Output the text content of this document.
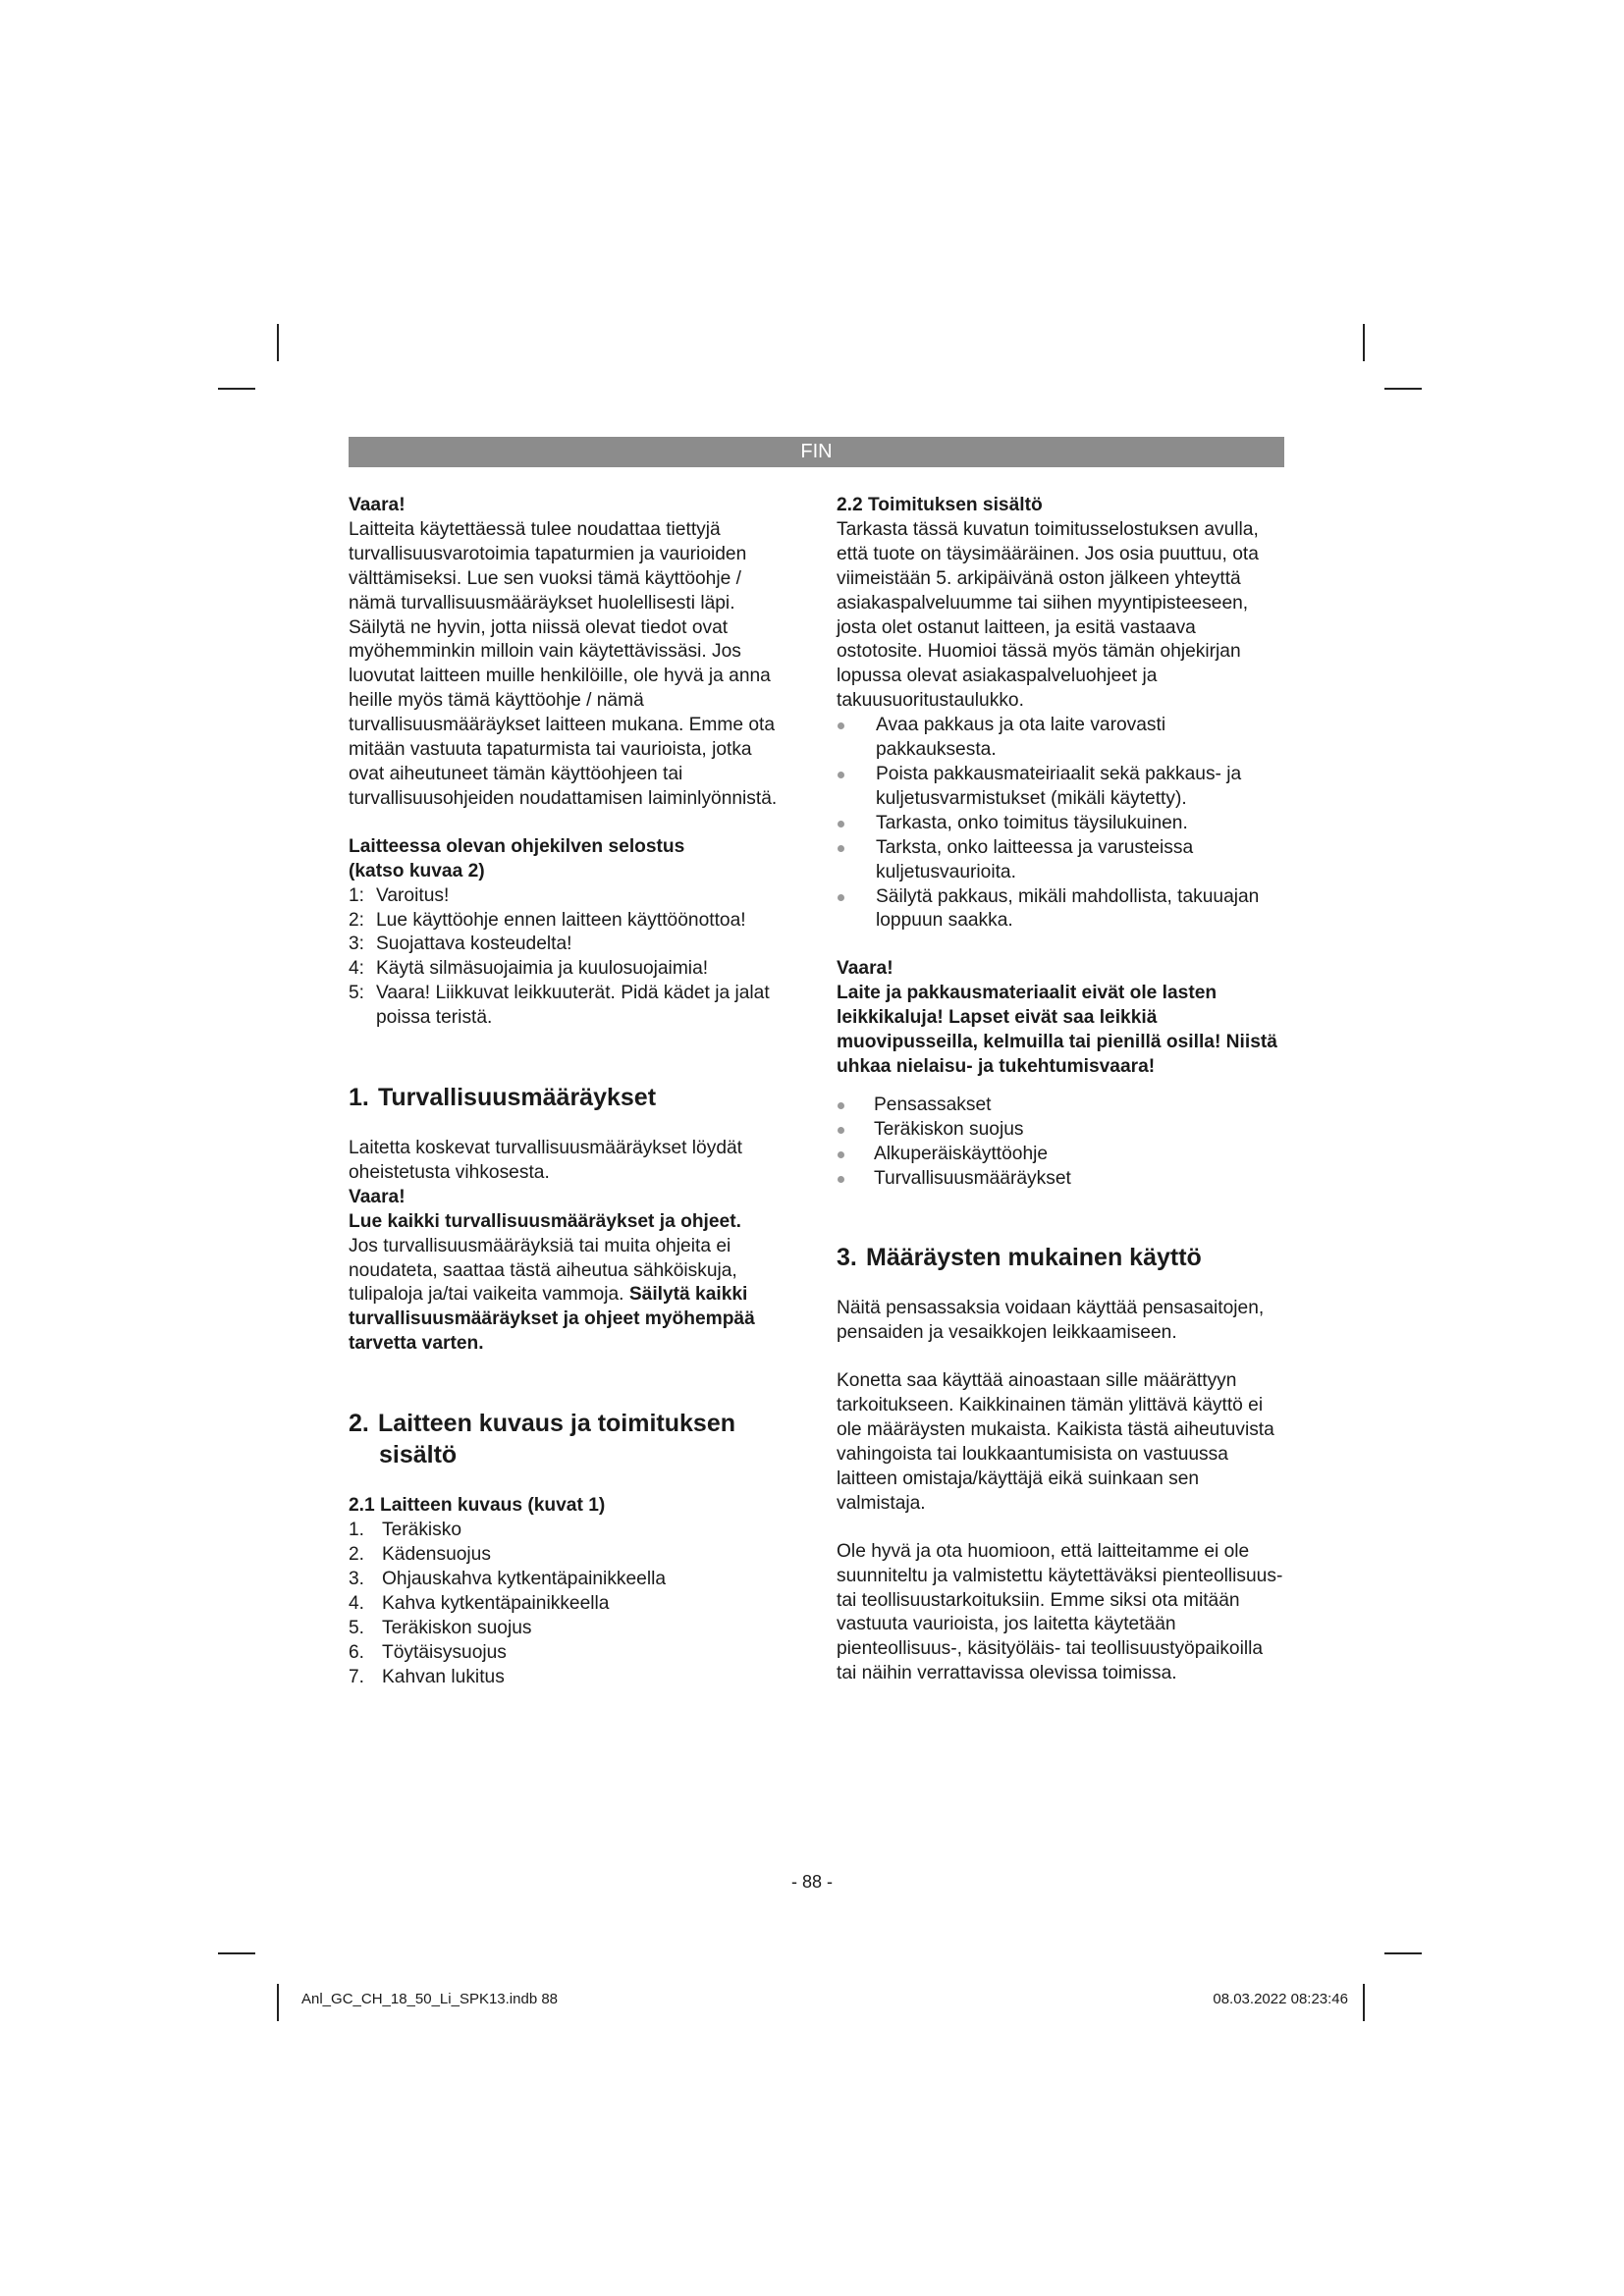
FIN

Vaara!

Laitteita käytettäessä tulee noudattaa tiettyjä turvallisuusvarotoimia tapaturmien ja vaurioiden välttämiseksi. Lue sen vuoksi tämä käyttöohje / nämä turvallisuusmääräykset huolellisesti läpi. Säilytä ne hyvin, jotta niissä olevat tiedot ovat myöhemminkin milloin vain käytettävissäsi. Jos luovutat laitteen muille henkilöille, ole hyvä ja anna heille myös tämä käyttöohje / nämä turvallisuusmääräykset laitteen mukana. Emme ota mitään vastuuta tapaturmista tai vaurioista, jotka ovat aiheutuneet tämän käyttöohjeen tai turvallisuusohjeiden noudattamisen laiminlyönnistä.

Laitteessa olevan ohjekilven selostus

(katso kuvaa 2)

1: Varoitus!
2: Lue käyttöohje ennen laitteen käyttöönottoa!
3: Suojattava kosteudelta!
4: Käytä silmäsuojaimia ja kuulosuojaimia!
5: Vaara! Liikkuvat leikkuuterät. Pidä kädet ja jalat poissa teristä.

1. Turvallisuusmääräykset

Laitetta koskevat turvallisuusmääräykset löydät oheistetusta vihkosesta.

Vaara!

Lue kaikki turvallisuusmääräykset ja ohjeet.

Jos turvallisuusmääräyksiä tai muita ohjeita ei noudateta, saattaa tästä aiheutua sähköiskuja, tulipaloja ja/tai vaikeita vammoja. Säilytä kaikki turvallisuusmääräykset ja ohjeet myöhempää tarvetta varten.

2. Laitteen kuvaus ja toimituksen
sisältö

2.1 Laitteen kuvaus (kuvat 1)

1. Teräkisko
2. Kädensuojus
3. Ohjauskahva kytkentäpainikkeella
4. Kahva kytkentäpainikkeella
5. Teräkiskon suojus
6. Töytäisysuojus
7. Kahvan lukitus

2.2 Toimituksen sisältö

Tarkasta tässä kuvatun toimitusselostuksen avulla, että tuote on täysimääräinen. Jos osia puuttuu, ota viimeistään 5. arkipäivänä oston jälkeen yhteyttä asiakaspalveluumme tai siihen myyntipisteeseen, josta olet ostanut laitteen, ja esitä vastaava ostotosite. Huomioi tässä myös tämän ohjekirjan lopussa olevat asiakaspalveluohjeet ja takuusuoritustaulukko.

Avaa pakkaus ja ota laite varovasti pakkauksesta.
Poista pakkausmateiriaalit sekä pakkaus- ja kuljetusvarmistukset (mikäli käytetty).
Tarkasta, onko toimitus täysilukuinen.
Tarksta, onko laitteessa ja varusteissa kuljetusvaurioita.
Säilytä pakkaus, mikäli mahdollista, takuuajan loppuun saakka.

Vaara!

Laite ja pakkausmateriaalit eivät ole lasten leikkikaluja! Lapset eivät saa leikkiä muovipusseilla, kelmuilla tai pienillä osilla! Niistä uhkaa nielaisu- ja tukehtumisvaara!

Pensassakset
Teräkiskon suojus
Alkuperäiskäyttöohje
Turvallisuusmääräykset

3. Määräysten mukainen käyttö

Näitä pensassaksia voidaan käyttää pensasaitojen, pensaiden ja vesaikkojen leikkaamiseen.

Konetta saa käyttää ainoastaan sille määrättyyn tarkoitukseen. Kaikkinainen tämän ylittävä käyttö ei ole määräysten mukaista. Kaikista tästä aiheutuvista vahingoista tai loukkaantumisista on vastuussa laitteen omistaja/käyttäjä eikä suinkaan sen valmistaja.

Ole hyvä ja ota huomioon, että laitteitamme ei ole suunniteltu ja valmistettu käytettäväksi pienteollisuus- tai teollisuustarkoituksiin. Emme siksi ota mitään vastuuta vaurioista, jos laitetta käytetään pienteollisuus-, käsityöläis- tai teollisuustyöpaikoilla tai näihin verrattavissa olevissa toimissa.

- 88 -
Anl_GC_CH_18_50_Li_SPK13.indb 88	08.03.2022 08:23:46
